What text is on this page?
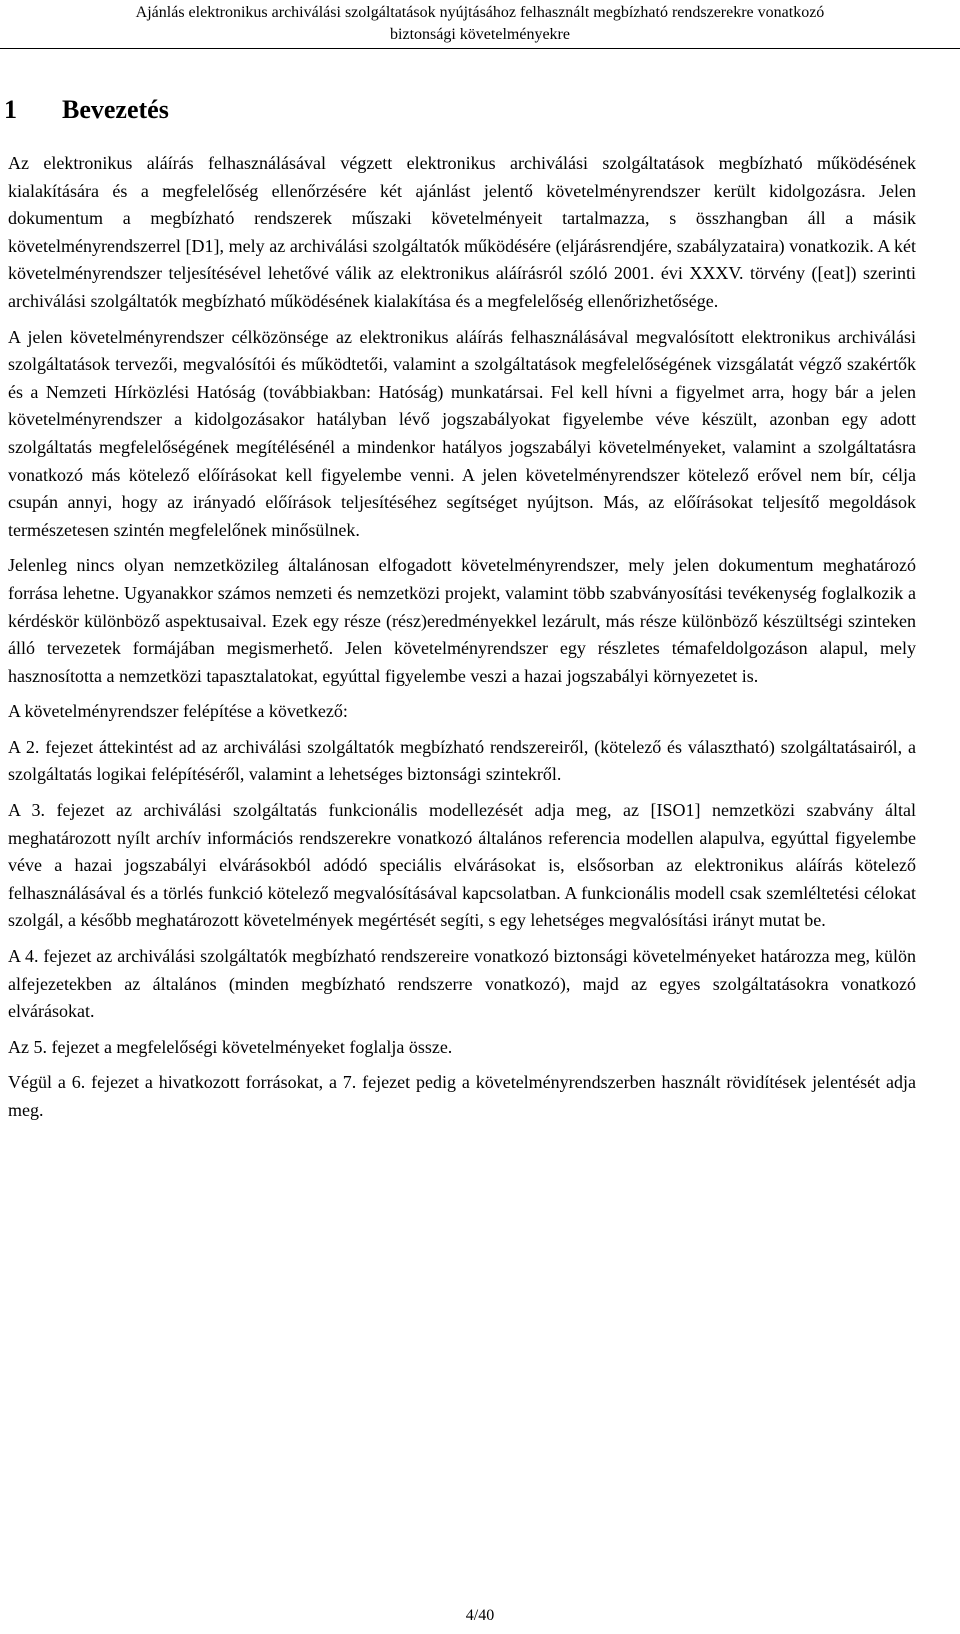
Ajánlás elektronikus archiválási szolgáltatások nyújtásához felhasznált megbízható rendszerekre vonatkozó
biztonsági követelményekre
1 Bevezetés

Az elektronikus aláírás felhasználásával végzett elektronikus archiválási szolgáltatások megbízható működésének kialakítására és a megfelelőség ellenőrzésére két ajánlást jelentő követelményrendszer került kidolgozásra. Jelen dokumentum a megbízható rendszerek műszaki követelményeit tartalmazza, s összhangban áll a másik követelményrendszerrel [D1], mely az archiválási szolgáltatók működésére (eljárásrendjére, szabályzataira) vonatkozik. A két követelményrendszer teljesítésével lehetővé válik az elektronikus aláírásról szóló 2001. évi XXXV. törvény ([eat]) szerinti archiválási szolgáltatók megbízható működésének kialakítása és a megfelelőség ellenőrizhetősége.

A jelen követelményrendszer célközönsége az elektronikus aláírás felhasználásával megvalósított elektronikus archiválási szolgáltatások tervezői, megvalósítói és működtetői, valamint a szolgáltatások megfelelőségének vizsgálatát végző szakértők és a Nemzeti Hírközlési Hatóság (továbbiakban: Hatóság) munkatársai. Fel kell hívni a figyelmet arra, hogy bár a jelen követelményrendszer a kidolgozásakor hatályban lévő jogszabályokat figyelembe véve készült, azonban egy adott szolgáltatás megfelelőségének megítélésénél a mindenkor hatályos jogszabályi követelményeket, valamint a szolgáltatásra vonatkozó más kötelező előírásokat kell figyelembe venni. A jelen követelményrendszer kötelező erővel nem bír, célja csupán annyi, hogy az irányadó előírások teljesítéséhez segítséget nyújtson. Más, az előírásokat teljesítő megoldások természetesen szintén megfelelőnek minősülnek.

Jelenleg nincs olyan nemzetközileg általánosan elfogadott követelményrendszer, mely jelen dokumentum meghatározó forrása lehetne. Ugyanakkor számos nemzeti és nemzetközi projekt, valamint több szabványosítási tevékenység foglalkozik a kérdéskör különböző aspektusaival. Ezek egy része (rész)eredményekkel lezárult, más része különböző készültségi szinteken álló tervezetek formájában megismerhető. Jelen követelményrendszer egy részletes témafeldolgozáson alapul, mely hasznosította a nemzetközi tapasztalatokat, egyúttal figyelembe veszi a hazai jogszabályi környezetet is.

A követelményrendszer felépítése a következő:

A 2. fejezet áttekintést ad az archiválási szolgáltatók megbízható rendszereiről, (kötelező és választható) szolgáltatásairól, a szolgáltatás logikai felépítéséről, valamint a lehetséges biztonsági szintekről.

A 3. fejezet az archiválási szolgáltatás funkcionális modellezését adja meg, az [ISO1] nemzetközi szabvány által meghatározott nyílt archív információs rendszerekre vonatkozó általános referencia modellen alapulva, egyúttal figyelembe véve a hazai jogszabályi elvárásokból adódó speciális elvárásokat is, elsősorban az elektronikus aláírás kötelező felhasználásával és a törlés funkció kötelező megvalósításával kapcsolatban. A funkcionális modell csak szemléltetési célokat szolgál, a később meghatározott követelmények megértését segíti, s egy lehetséges megvalósítási irányt mutat be.

A 4. fejezet az archiválási szolgáltatók megbízható rendszereire vonatkozó biztonsági követelményeket határozza meg, külön alfejezetekben az általános (minden megbízható rendszerre vonatkozó), majd az egyes szolgáltatásokra vonatkozó elvárásokat.

Az 5. fejezet a megfelelőségi követelményeket foglalja össze.

Végül a 6. fejezet a hivatkozott forrásokat, a 7. fejezet pedig a követelményrendszerben használt rövidítések jelentését adja meg.

4/40
